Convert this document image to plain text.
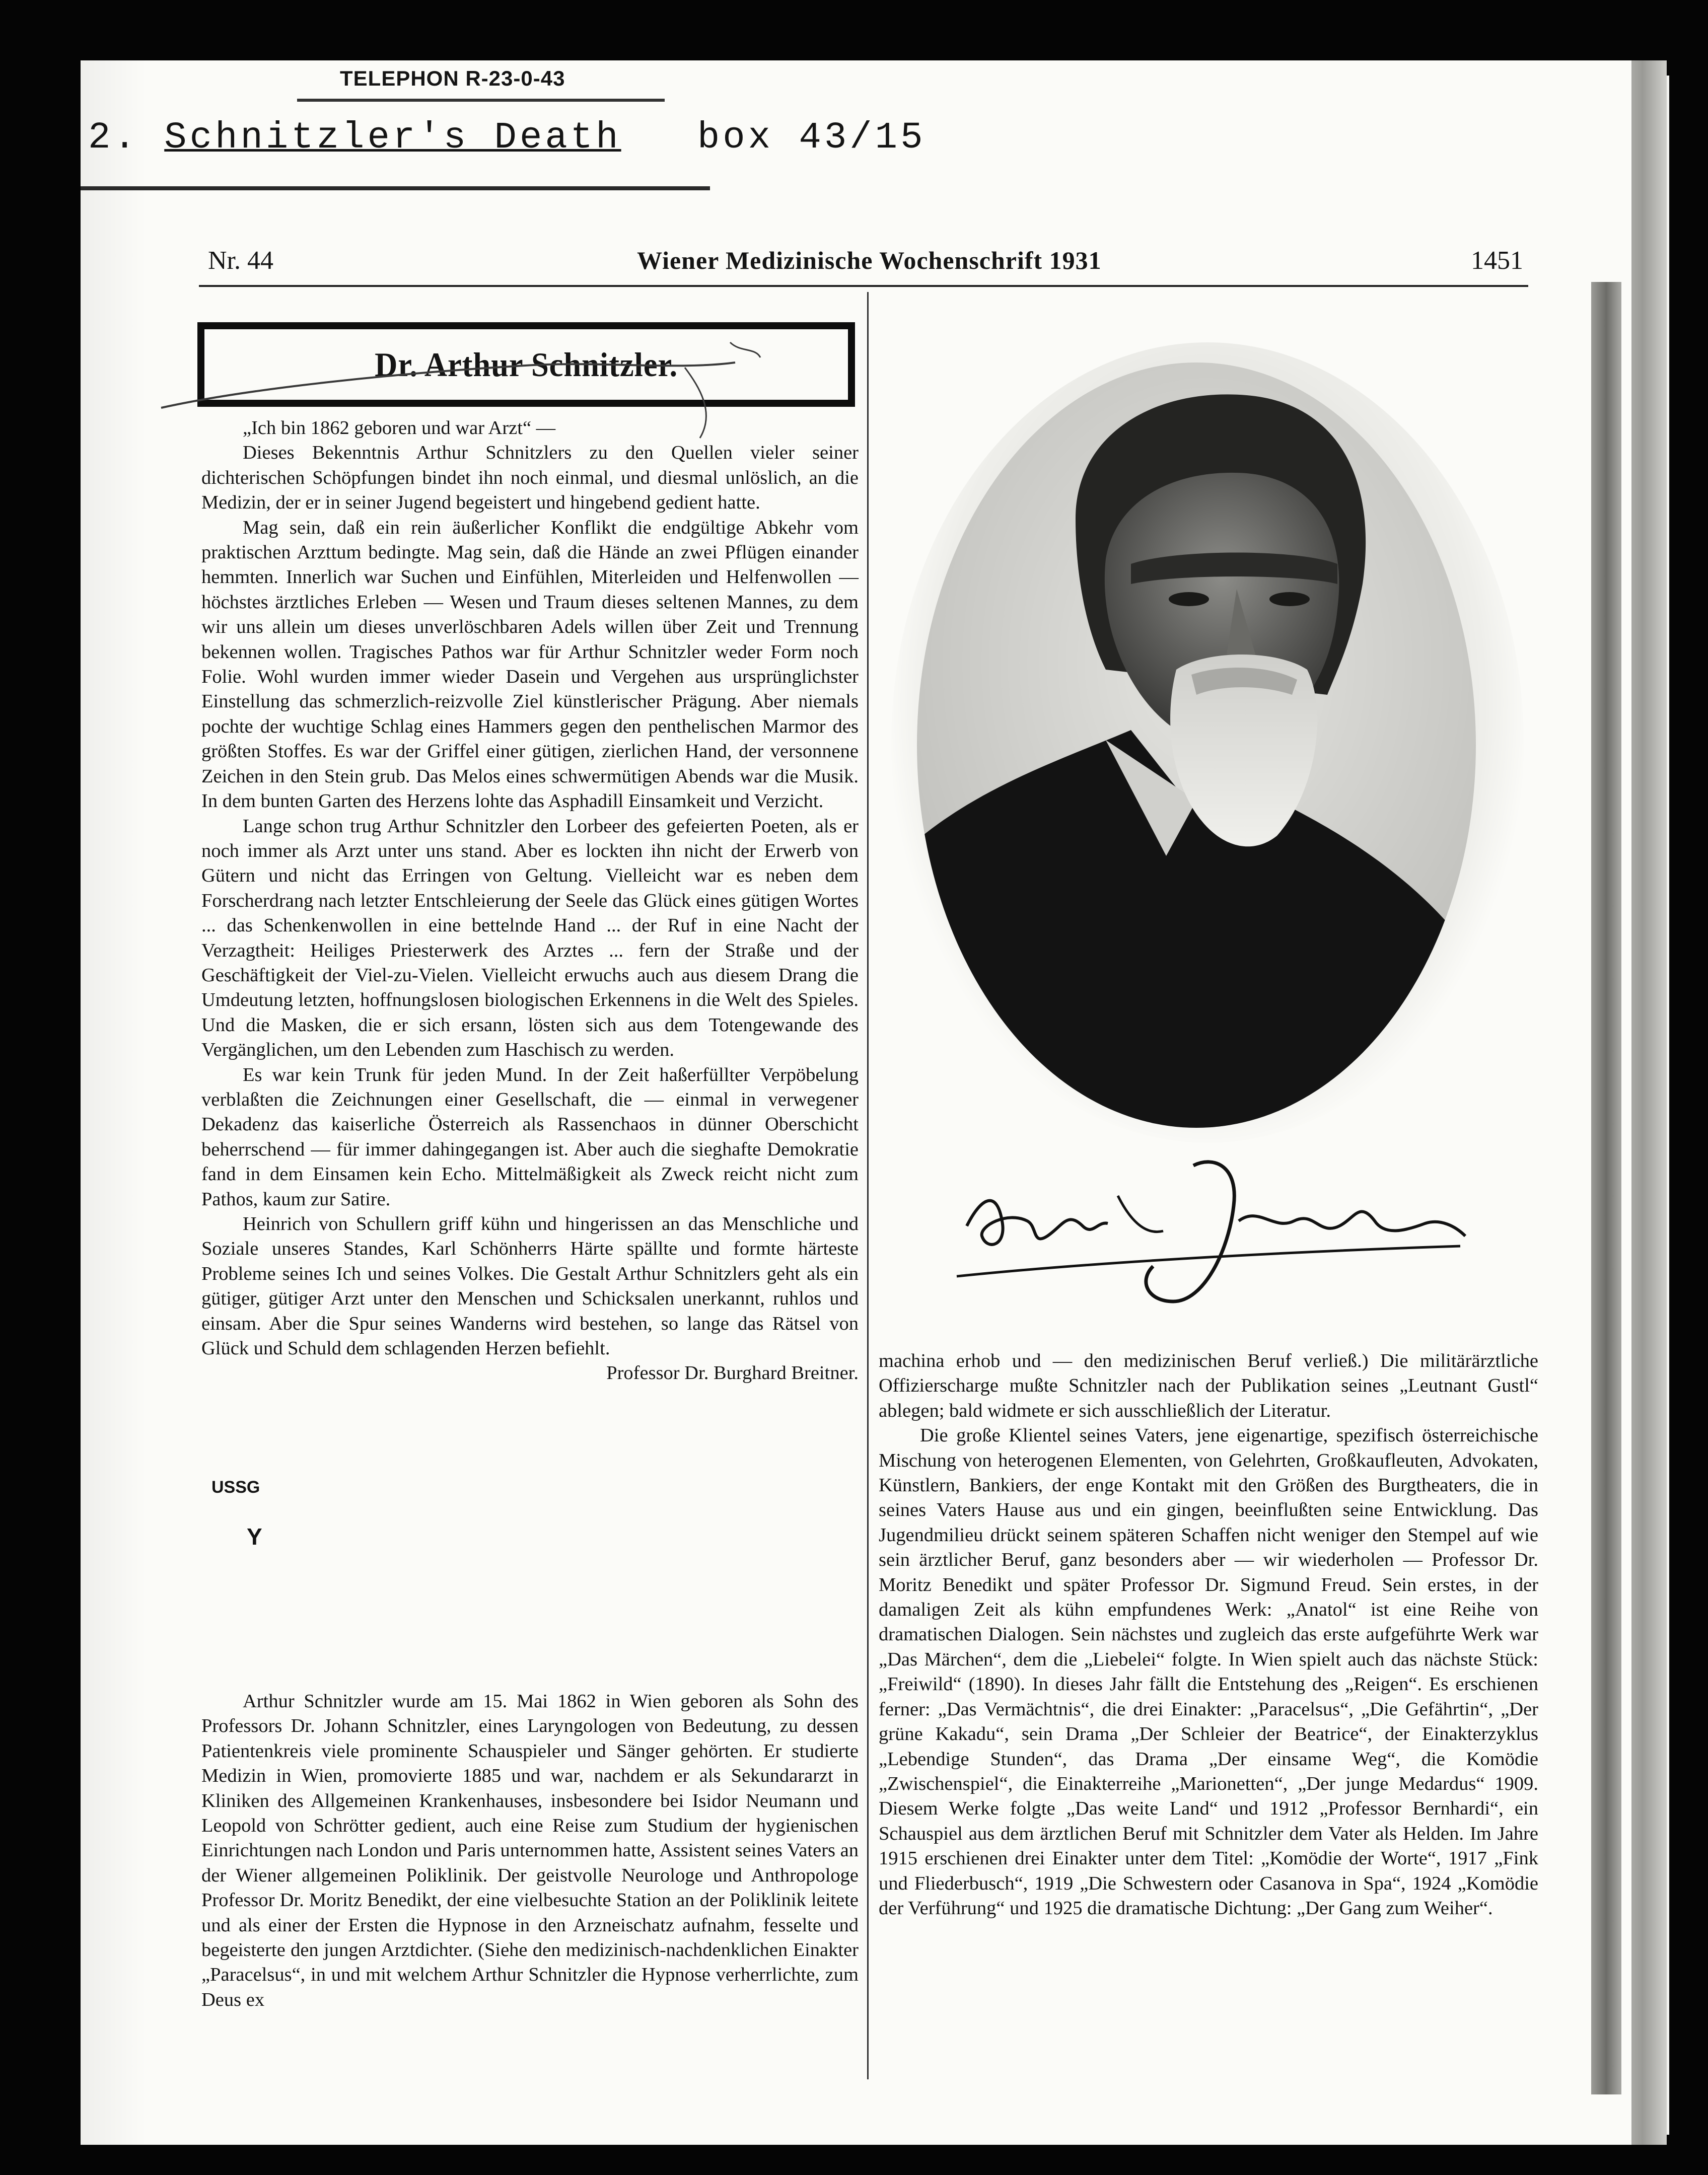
TELEPHON R-23-0-43
2. Schnitzler's Death box 43/15
Nr. 44	Wiener Medizinische Wochenschrift 1931	1451
Dr. Arthur Schnitzler.

„Ich bin 1862 geboren und war Arzt“ —

Dieses Bekenntnis Arthur Schnitzlers zu den Quellen vieler seiner dichterischen Schöpfungen bindet ihn noch einmal, und diesmal unlöslich, an die Medizin, der er in seiner Jugend begeistert und hingebend gedient hatte.

Mag sein, daß ein rein äußerlicher Konflikt die endgültige Abkehr vom praktischen Arzttum bedingte. Mag sein, daß die Hände an zwei Pflügen einander hemmten. Innerlich war Suchen und Einfühlen, Miterleiden und Helfenwollen — höchstes ärztliches Erleben — Wesen und Traum dieses seltenen Mannes, zu dem wir uns allein um dieses unverlöschbaren Adels willen über Zeit und Trennung bekennen wollen. Tragisches Pathos war für Arthur Schnitzler weder Form noch Folie. Wohl wurden immer wieder Dasein und Vergehen aus ursprünglichster Einstellung das schmerzlich-reizvolle Ziel künstlerischer Prägung. Aber niemals pochte der wuchtige Schlag eines Hammers gegen den penthelischen Marmor des größten Stoffes. Es war der Griffel einer gütigen, zierlichen Hand, der versonnene Zeichen in den Stein grub. Das Melos eines schwermütigen Abends war die Musik. In dem bunten Garten des Herzens lohte das Asphadill Einsamkeit und Verzicht.

Lange schon trug Arthur Schnitzler den Lorbeer des gefeierten Poeten, als er noch immer als Arzt unter uns stand. Aber es lockten ihn nicht der Erwerb von Gütern und nicht das Erringen von Geltung. Vielleicht war es neben dem Forscherdrang nach letzter Entschleierung der Seele das Glück eines gütigen Wortes ... das Schenkenwollen in eine bettelnde Hand ... der Ruf in eine Nacht der Verzagtheit: Heiliges Priesterwerk des Arztes ... fern der Straße und der Geschäftigkeit der Viel-zu-Vielen. Vielleicht erwuchs auch aus diesem Drang die Umdeutung letzten, hoffnungslosen biologischen Erkennens in die Welt des Spieles. Und die Masken, die er sich ersann, lösten sich aus dem Totengewande des Vergänglichen, um den Lebenden zum Haschisch zu werden.

Es war kein Trunk für jeden Mund. In der Zeit haßerfüllter Verpöbelung verblaßten die Zeichnungen einer Gesellschaft, die — einmal in verwegener Dekadenz das kaiserliche Österreich als Rassenchaos in dünner Oberschicht beherrschend — für immer dahingegangen ist. Aber auch die sieghafte Demokratie fand in dem Einsamen kein Echo. Mittelmäßigkeit als Zweck reicht nicht zum Pathos, kaum zur Satire.

Heinrich von Schullern griff kühn und hingerissen an das Menschliche und Soziale unseres Standes, Karl Schönherrs Härte spällte und formte härteste Probleme seines Ich und seines Volkes. Die Gestalt Arthur Schnitzlers geht als ein gütiger, gütiger Arzt unter den Menschen und Schicksalen unerkannt, ruhlos und einsam. Aber die Spur seines Wanderns wird bestehen, so lange das Rätsel von Glück und Schuld dem schlagenden Herzen befiehlt.

Professor Dr. Burghard Breitner.

Arthur Schnitzler wurde am 15. Mai 1862 in Wien geboren als Sohn des Professors Dr. Johann Schnitzler, eines Laryngologen von Bedeutung, zu dessen Patientenkreis viele prominente Schauspieler und Sänger gehörten. Er studierte Medizin in Wien, promovierte 1885 und war, nachdem er als Sekundararzt in Kliniken des Allgemeinen Krankenhauses, insbesondere bei Isidor Neumann und Leopold von Schrötter gedient, auch eine Reise zum Studium der hygienischen Einrichtungen nach London und Paris unternommen hatte, Assistent seines Vaters an der Wiener allgemeinen Poliklinik. Der geistvolle Neurologe und Anthropologe Professor Dr. Moritz Benedikt, der eine vielbesuchte Station an der Poliklinik leitete und als einer der Ersten die Hypnose in den Arzneischatz aufnahm, fesselte und begeisterte den jungen Arztdichter. (Siehe den medizinisch-nachdenklichen Einakter „Paracelsus“, in und mit welchem Arthur Schnitzler die Hypnose verherrlichte, zum Deus ex

USSG
Y

machina erhob und — den medizinischen Beruf verließ.) Die militärärztliche Offizierscharge mußte Schnitzler nach der Publikation seines „Leutnant Gustl“ ablegen; bald widmete er sich ausschließlich der Literatur.

Die große Klientel seines Vaters, jene eigenartige, spezifisch österreichische Mischung von heterogenen Elementen, von Gelehrten, Großkaufleuten, Advokaten, Künstlern, Bankiers, der enge Kontakt mit den Größen des Burgtheaters, die in seines Vaters Hause aus und ein gingen, beeinflußten seine Entwicklung. Das Jugendmilieu drückt seinem späteren Schaffen nicht weniger den Stempel auf wie sein ärztlicher Beruf, ganz besonders aber — wir wiederholen — Professor Dr. Moritz Benedikt und später Professor Dr. Sigmund Freud. Sein erstes, in der damaligen Zeit als kühn empfundenes Werk: „Anatol“ ist eine Reihe von dramatischen Dialogen. Sein nächstes und zugleich das erste aufgeführte Werk war „Das Märchen“, dem die „Liebelei“ folgte. In Wien spielt auch das nächste Stück: „Freiwild“ (1890). In dieses Jahr fällt die Entstehung des „Reigen“. Es erschienen ferner: „Das Vermächtnis“, die drei Einakter: „Paracelsus“, „Die Gefährtin“, „Der grüne Kakadu“, sein Drama „Der Schleier der Beatrice“, der Einakterzyklus „Lebendige Stunden“, das Drama „Der einsame Weg“, die Komödie „Zwischenspiel“, die Einakterreihe „Marionetten“, „Der junge Medardus“ 1909. Diesem Werke folgte „Das weite Land“ und 1912 „Professor Bernhardi“, ein Schauspiel aus dem ärztlichen Beruf mit Schnitzler dem Vater als Helden. Im Jahre 1915 erschienen drei Einakter unter dem Titel: „Komödie der Worte“, 1917 „Fink und Fliederbusch“, 1919 „Die Schwestern oder Casanova in Spa“, 1924 „Komödie der Verführung“ und 1925 die dramatische Dichtung: „Der Gang zum Weiher“.
